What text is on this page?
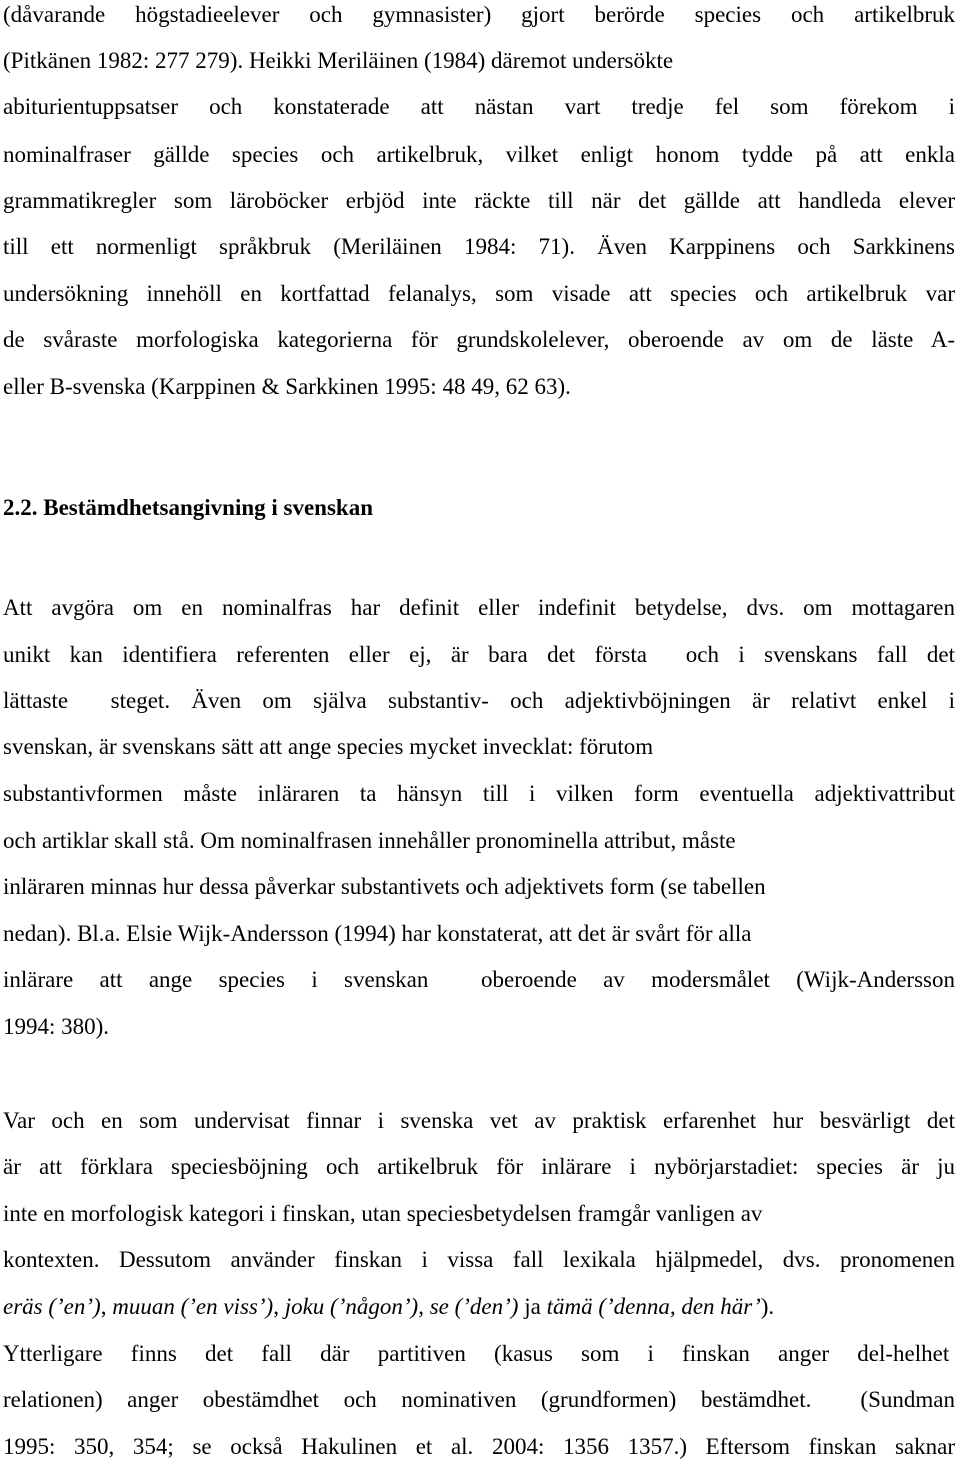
(dåvarande högstadieelever och gymnasister) gjort berörde species och artikelbruk

(Pitkänen 1982: 277 279). Heikki Meriläinen (1984) däremot undersökte

abiturientuppsatser och konstaterade att nästan vart tredje fel som förekom i

nominalfraser gällde species och artikelbruk, vilket enligt honom tydde på att enkla

grammatikregler som läroböcker erbjöd inte räckte till när det gällde att handleda elever

till ett normenligt språkbruk (Meriläinen 1984: 71). Även Karppinens och Sarkkinens

undersökning innehöll en kortfattad felanalys, som visade att species och artikelbruk var

de svåraste morfologiska kategorierna för grundskolelever, oberoende av om de läste A-

eller B-svenska (Karppinen & Sarkkinen 1995: 48 49, 62 63).

2.2. Bestämdhetsangivning i svenskan

Att avgöra om en nominalfras har definit eller indefinit betydelse, dvs. om mottagaren

unikt kan identifiera referenten eller ej, är bara det första  och i svenskans fall det

lättaste  steget. Även om själva substantiv- och adjektivböjningen är relativt enkel i

svenskan, är svenskans sätt att ange species mycket invecklat: förutom

substantivformen måste inläraren ta hänsyn till i vilken form eventuella adjektivattribut

och artiklar skall stå. Om nominalfrasen innehåller pronominella attribut, måste

inläraren minnas hur dessa påverkar substantivets och adjektivets form (se tabellen

nedan). Bl.a. Elsie Wijk-Andersson (1994) har konstaterat, att det är svårt för alla

inlärare att ange species i svenskan  oberoende av modersmålet (Wijk-Andersson

1994: 380).

Var och en som undervisat finnar i svenska vet av praktisk erfarenhet hur besvärligt det

är att förklara speciesböjning och artikelbruk för inlärare i nybörjarstadiet: species är ju

inte en morfologisk kategori i finskan, utan speciesbetydelsen framgår vanligen av

kontexten. Dessutom använder finskan i vissa fall lexikala hjälpmedel, dvs. pronomenen

eräs (’en’), muuan (’en viss’), joku (’någon’), se (’den’) ja tämä (’denna, den här’).

Ytterligare finns det fall där partitiven (kasus som i finskan anger del-helhet

relationen) anger obestämdhet och nominativen (grundformen) bestämdhet.  (Sundman

1995: 350, 354; se också Hakulinen et al. 2004: 1356 1357.) Eftersom finskan saknar
